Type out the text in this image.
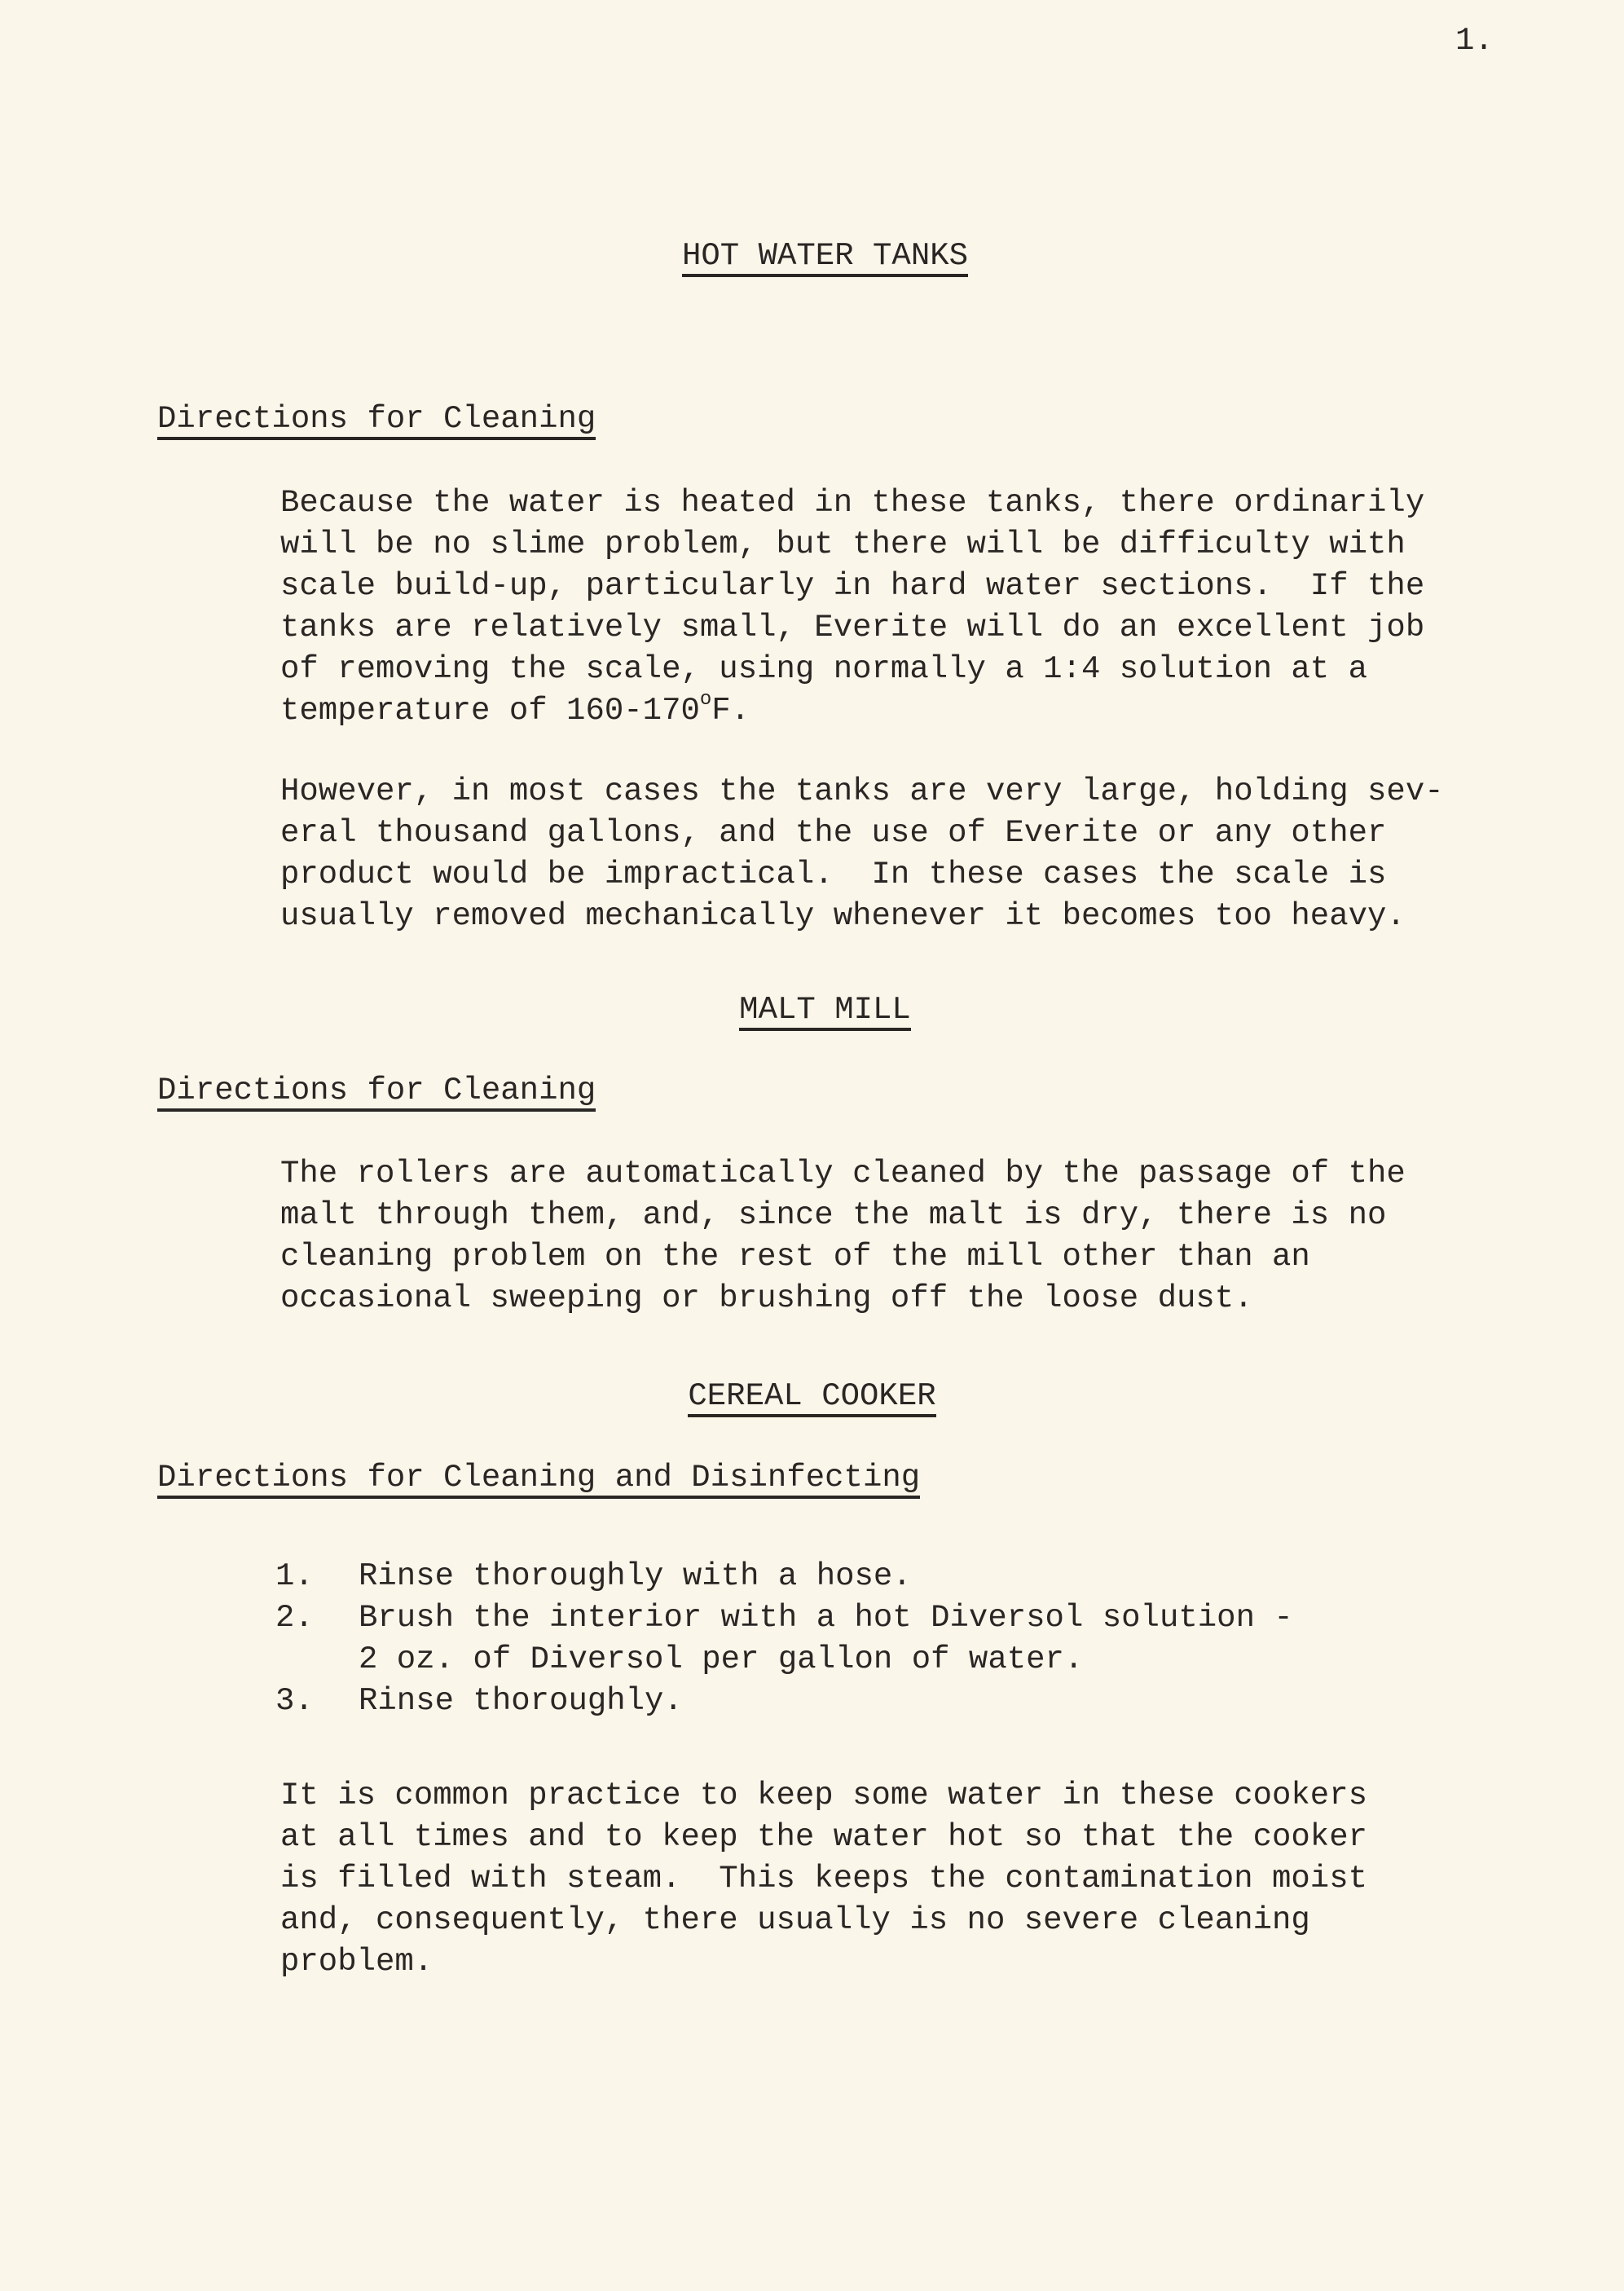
1.
HOT WATER TANKS
Directions for Cleaning
Because the water is heated in these tanks, there ordinarily
will be no slime problem, but there will be difficulty with
scale build-up, particularly in hard water sections.  If the
tanks are relatively small, Everite will do an excellent job
of removing the scale, using normally a 1:4 solution at a
temperature of 160-170$^o$F.
However, in most cases the tanks are very large, holding sev-
eral thousand gallons, and the use of Everite or any other
product would be impractical.  In these cases the scale is
usually removed mechanically whenever it becomes too heavy.
MALT MILL
Directions for Cleaning
The rollers are automatically cleaned by the passage of the
malt through them, and, since the malt is dry, there is no
cleaning problem on the rest of the mill other than an
occasional sweeping or brushing off the loose dust.
CEREAL COOKER
Directions for Cleaning and Disinfecting
1.	Rinse thoroughly with a hose.
2.	Brush the interior with a hot Diversol solution -
2 oz. of Diversol per gallon of water.
3.	Rinse thoroughly.
It is common practice to keep some water in these cookers
at all times and to keep the water hot so that the cooker
is filled with steam.  This keeps the contamination moist
and, consequently, there usually is no severe cleaning
problem.
